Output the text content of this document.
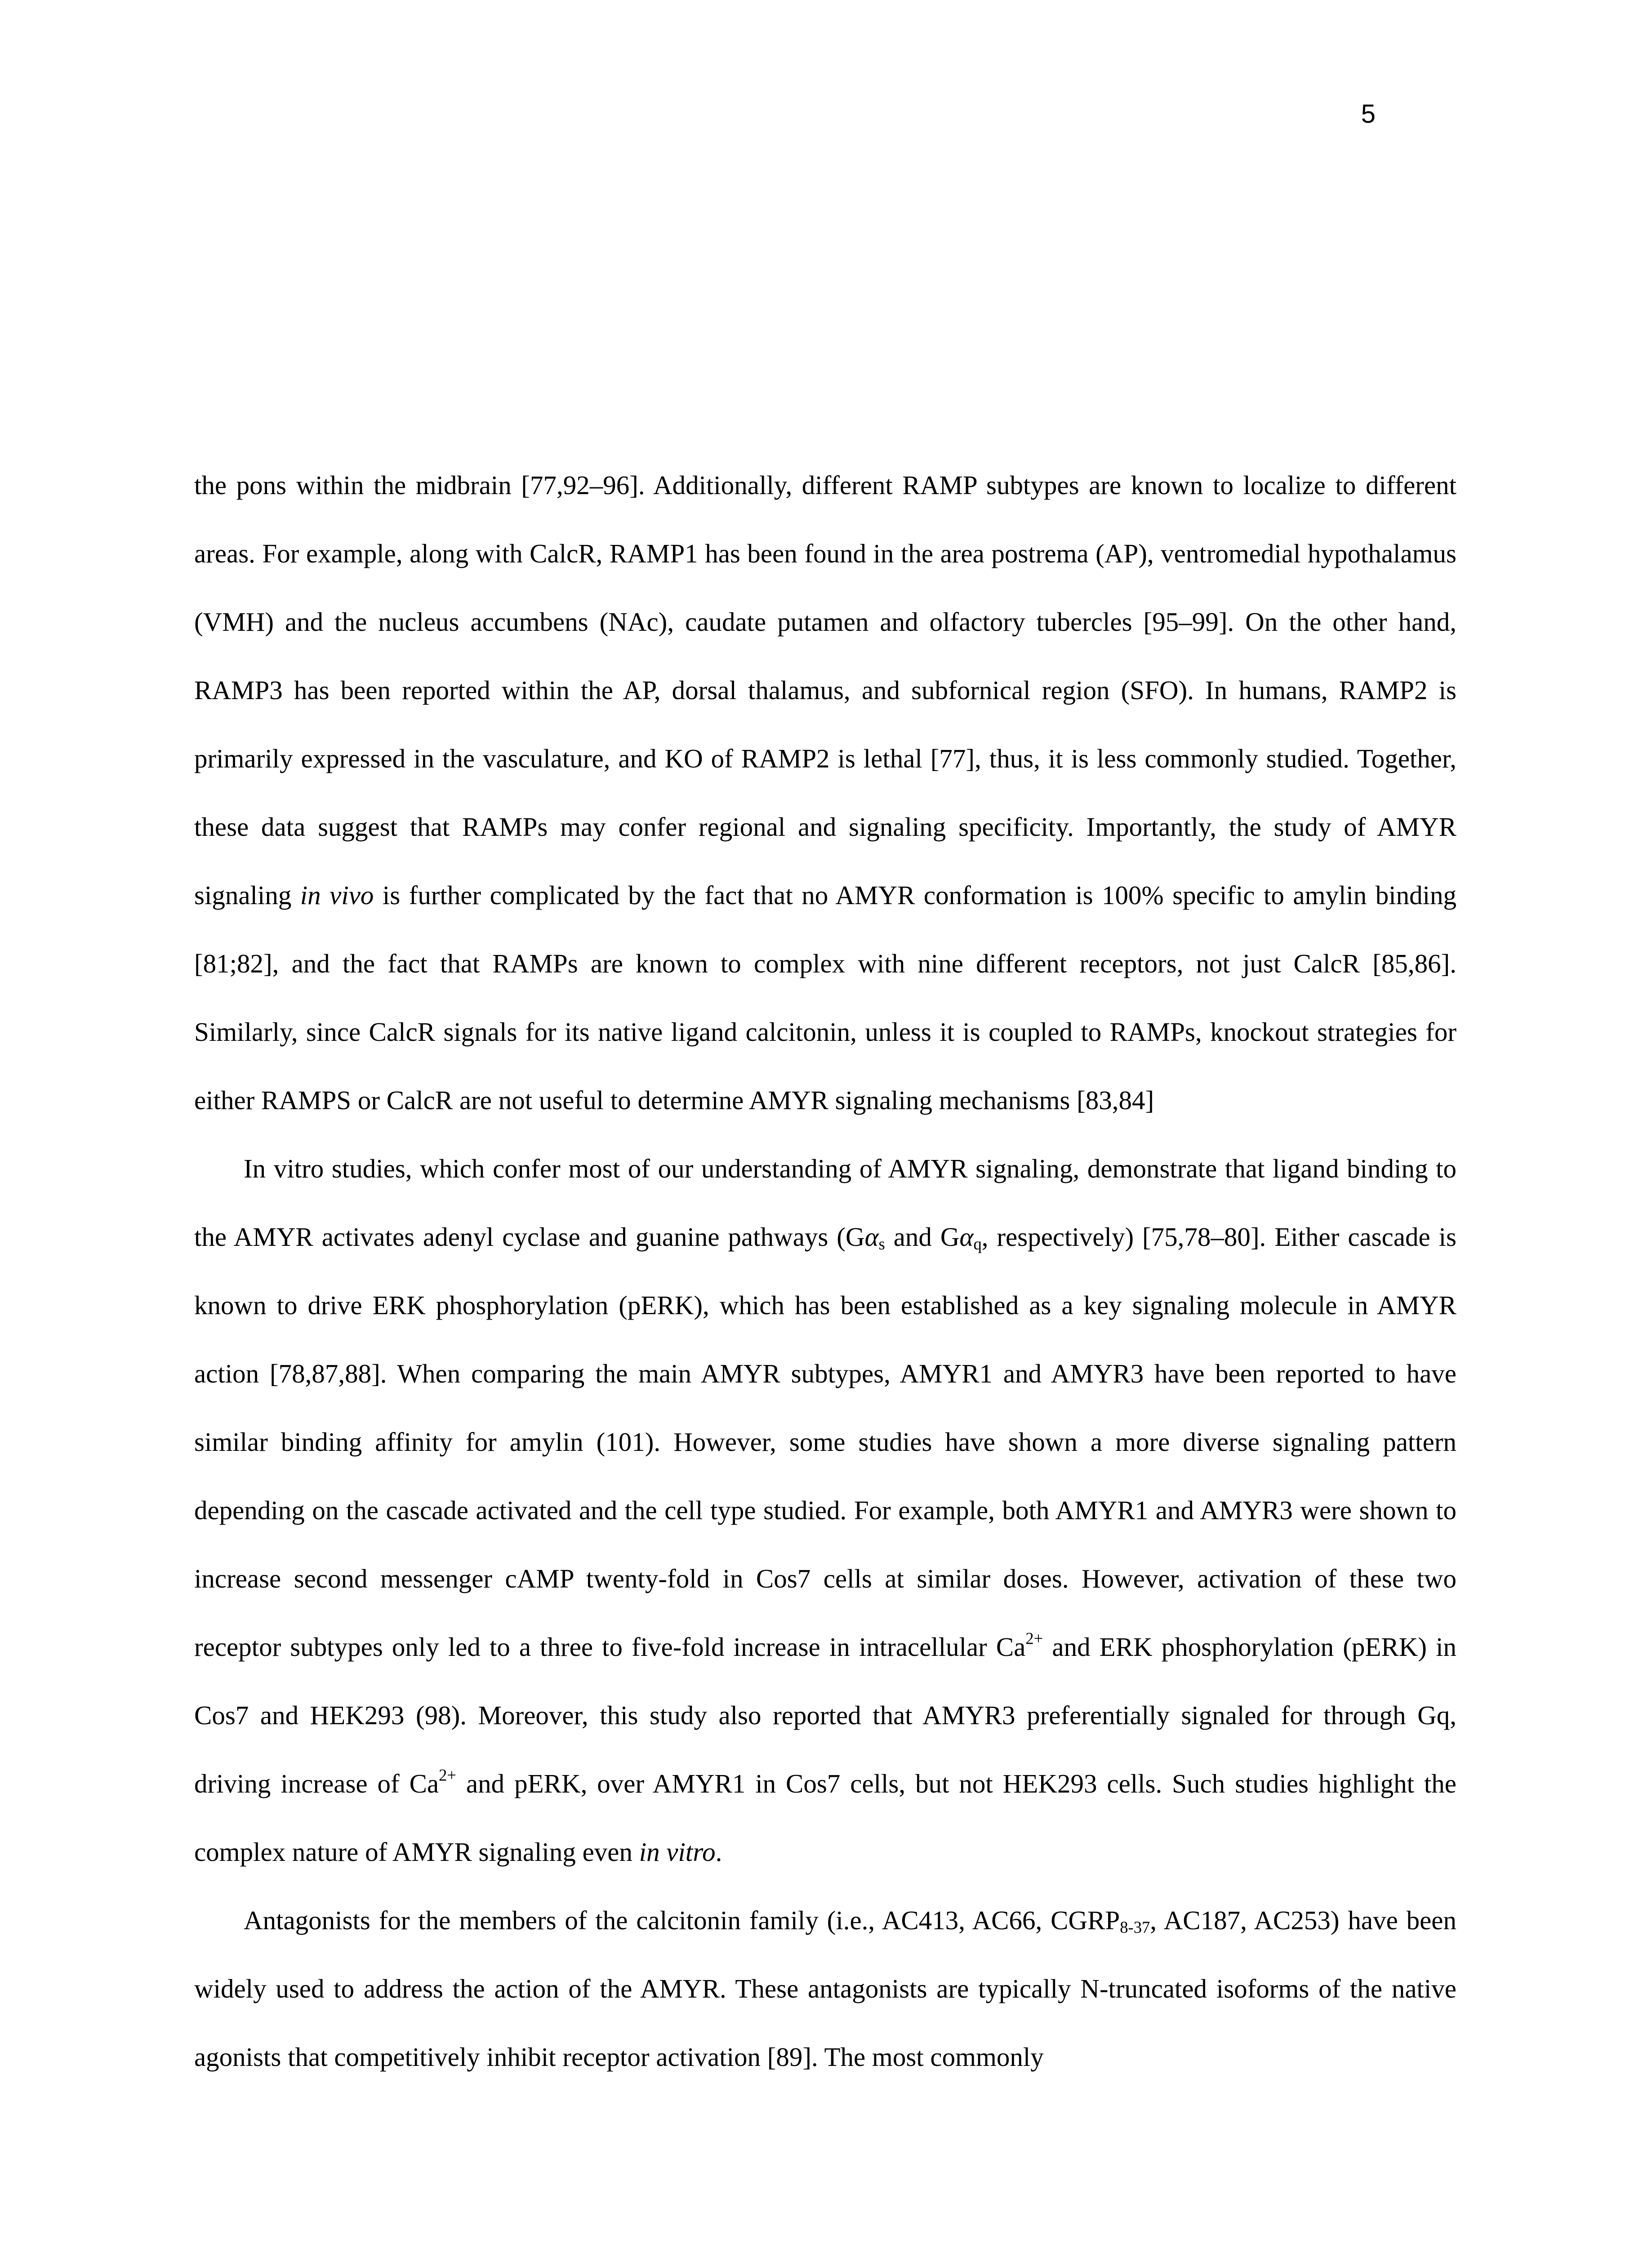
5

the pons within the midbrain [77,92–96]. Additionally, different RAMP subtypes are known to localize to different areas. For example, along with CalcR, RAMP1 has been found in the area postrema (AP), ventromedial hypothalamus (VMH) and the nucleus accumbens (NAc), caudate putamen and olfactory tubercles [95–99]. On the other hand, RAMP3 has been reported within the AP, dorsal thalamus, and subfornical region (SFO). In humans, RAMP2 is primarily expressed in the vasculature, and KO of RAMP2 is lethal [77], thus, it is less commonly studied. Together, these data suggest that RAMPs may confer regional and signaling specificity. Importantly, the study of AMYR signaling in vivo is further complicated by the fact that no AMYR conformation is 100% specific to amylin binding [81;82], and the fact that RAMPs are known to complex with nine different receptors, not just CalcR [85,86]. Similarly, since CalcR signals for its native ligand calcitonin, unless it is coupled to RAMPs, knockout strategies for either RAMPS or CalcR are not useful to determine AMYR signaling mechanisms [83,84]

In vitro studies, which confer most of our understanding of AMYR signaling, demonstrate that ligand binding to the AMYR activates adenyl cyclase and guanine pathways ($G\alpha_s$ and $G\alpha_q$, respectively) [75,78–80]. Either cascade is known to drive ERK phosphorylation (pERK), which has been established as a key signaling molecule in AMYR action [78,87,88]. When comparing the main AMYR subtypes, AMYR1 and AMYR3 have been reported to have similar binding affinity for amylin (101). However, some studies have shown a more diverse signaling pattern depending on the cascade activated and the cell type studied. For example, both AMYR1 and AMYR3 were shown to increase second messenger cAMP twenty-fold in Cos7 cells at similar doses. However, activation of these two receptor subtypes only led to a three to five-fold increase in intracellular $Ca^{2+}$ and ERK phosphorylation (pERK) in Cos7 and HEK293 (98). Moreover, this study also reported that AMYR3 preferentially signaled for through Gq, driving increase of $Ca^{2+}$ and pERK, over AMYR1 in Cos7 cells, but not HEK293 cells. Such studies highlight the complex nature of AMYR signaling even in vitro.

Antagonists for the members of the calcitonin family (i.e., AC413, AC66, $CGRP_{8-37}$, AC187, AC253) have been widely used to address the action of the AMYR. These antagonists are typically N-truncated isoforms of the native agonists that competitively inhibit receptor activation [89]. The most commonly
